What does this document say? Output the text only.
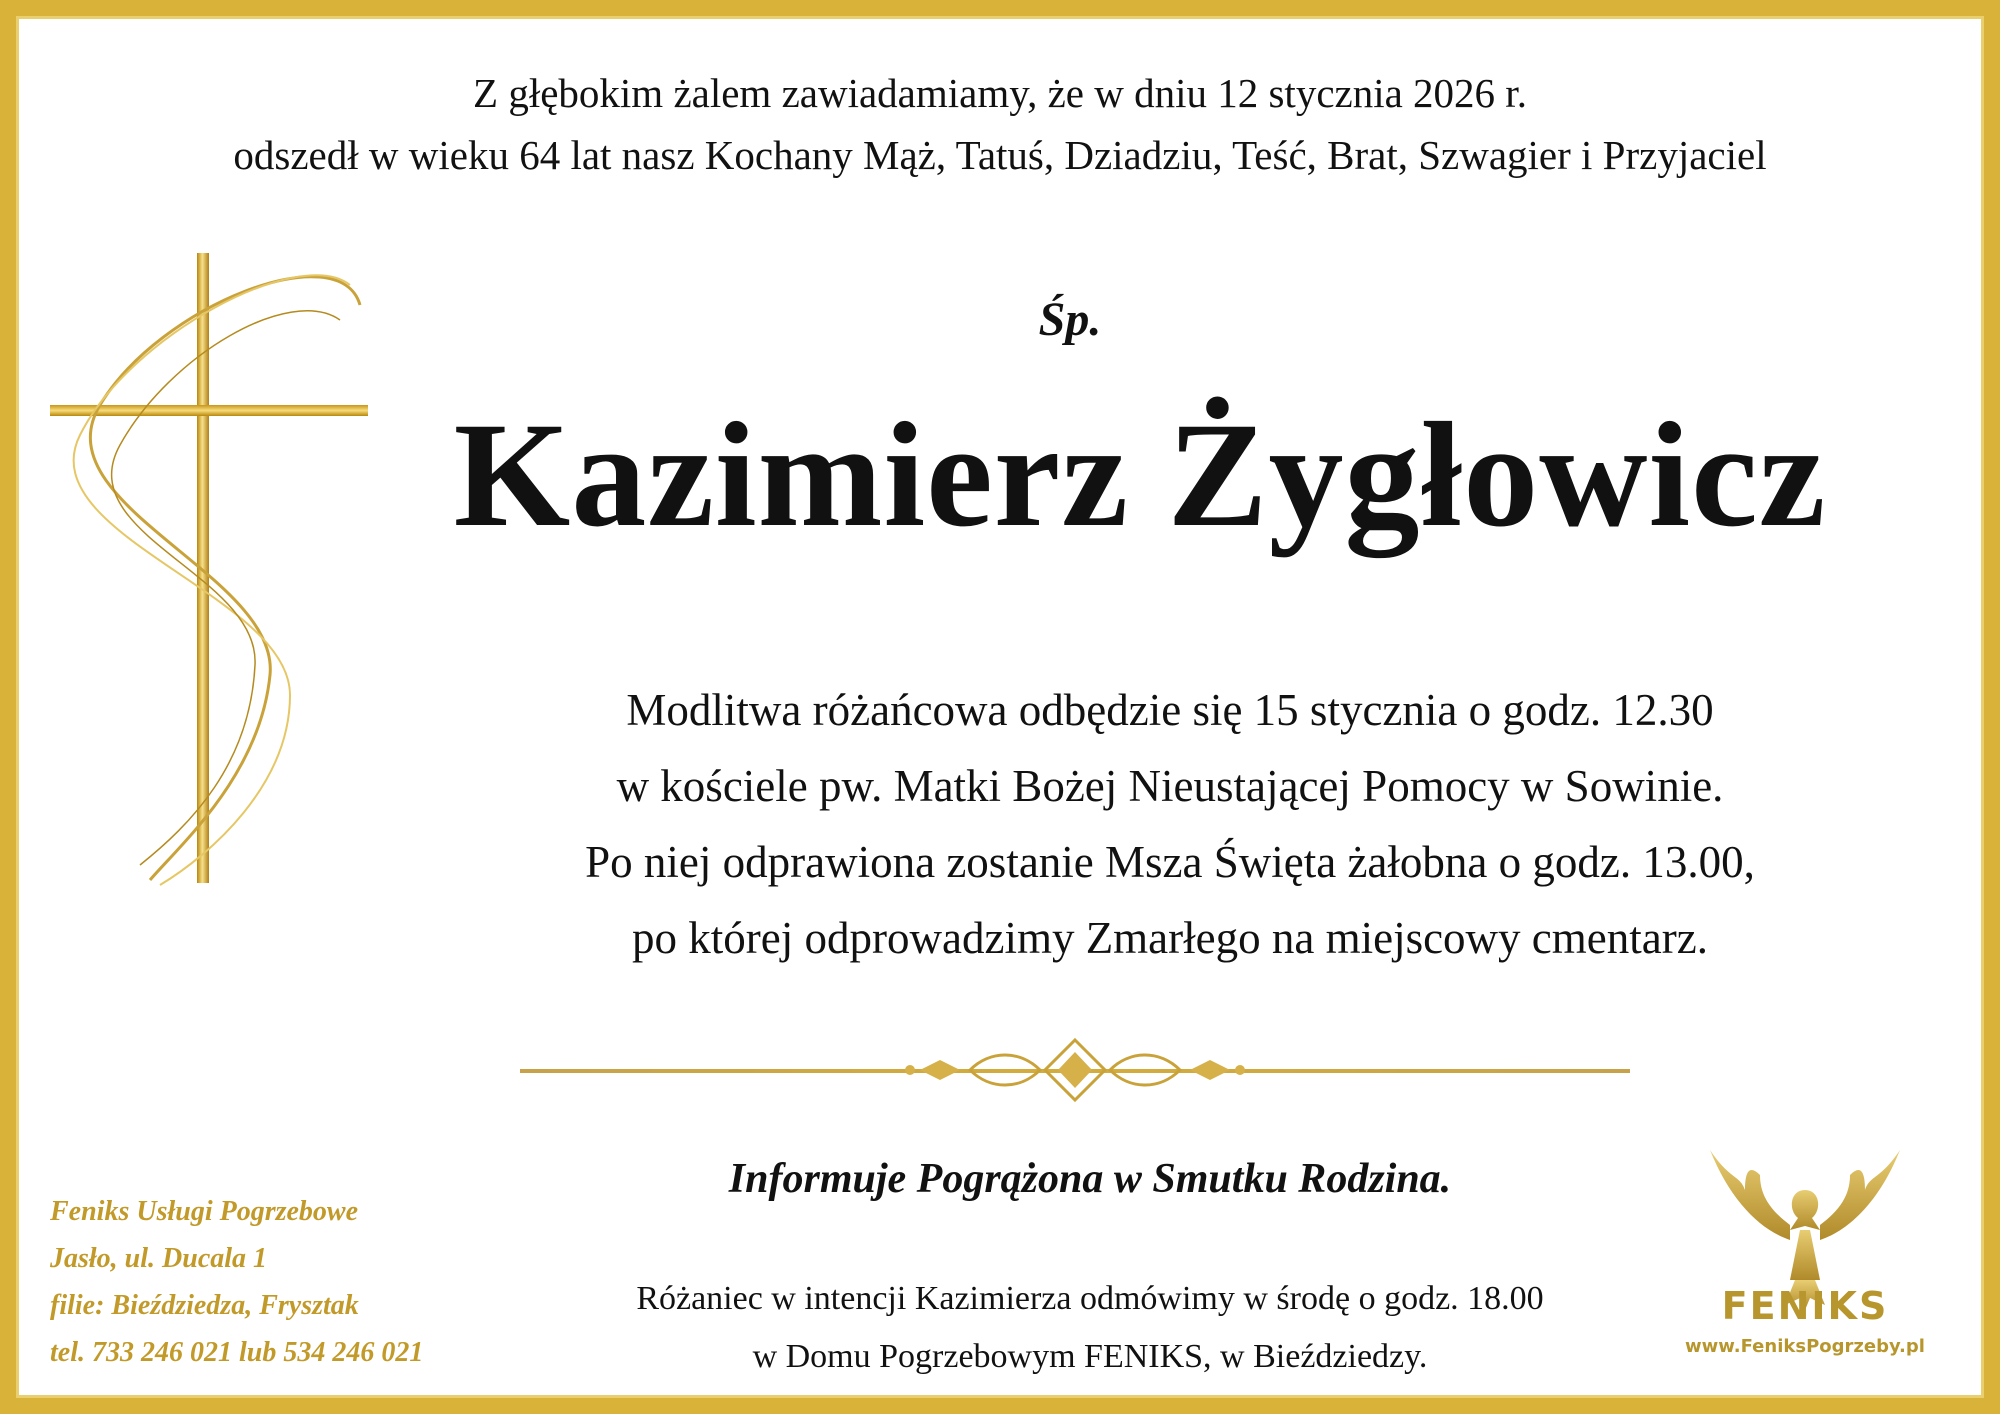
Z głębokim żalem zawiadamiamy, że w dniu 12 stycznia 2026 r.
odszedł w wieku 64 lat nasz Kochany Mąż, Tatuś, Dziadziu, Teść, Brat, Szwagier i Przyjaciel
Śp.
Kazimierz Żygłowicz
Modlitwa różańcowa odbędzie się 15 stycznia o godz. 12.30
w kościele pw. Matki Bożej Nieustającej Pomocy w Sowinie.
Po niej odprawiona zostanie Msza Święta żałobna o godz. 13.00,
po której odprowadzimy Zmarłego na miejscowy cmentarz.
Informuje Pogrążona w Smutku Rodzina.
Różaniec w intencji Kazimierza odmówimy w środę o godz. 18.00
w Domu Pogrzebowym FENIKS, w Bieździedzy.
Feniks Usługi Pogrzebowe
Jasło, ul. Ducala 1
filie: Bieździedza, Frysztak
tel. 733 246 021 lub 534 246 021
FENIKS
www.FeniksPogrzeby.pl
